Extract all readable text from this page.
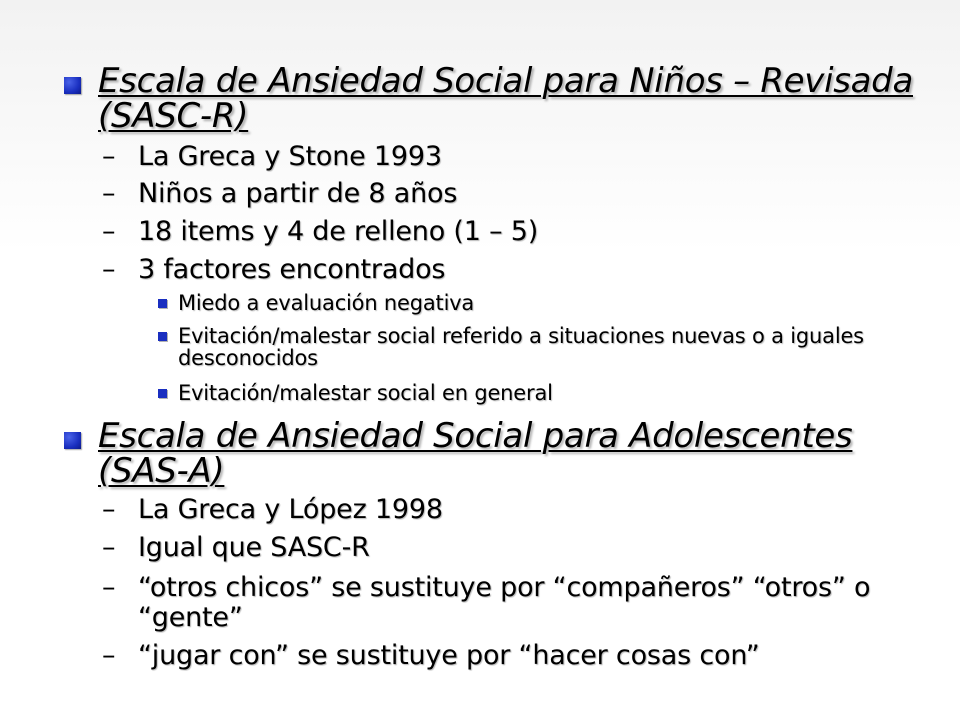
Escala de Ansiedad Social para Niños – Revisada (SASC-R)
– La Greca y Stone 1993
– Niños a partir de 8 años
– 18 items y 4 de relleno (1 – 5)
– 3 factores encontrados
Miedo a evaluación negativa
Evitación/malestar social referido a situaciones nuevas o a iguales desconocidos
Evitación/malestar social en general
Escala de Ansiedad Social para Adolescentes (SAS-A)
– La Greca y López 1998
– Igual que SASC-R
– “otros chicos” se sustituye por “compañeros” “otros” o “gente”
– “jugar con” se sustituye por “hacer cosas con”
